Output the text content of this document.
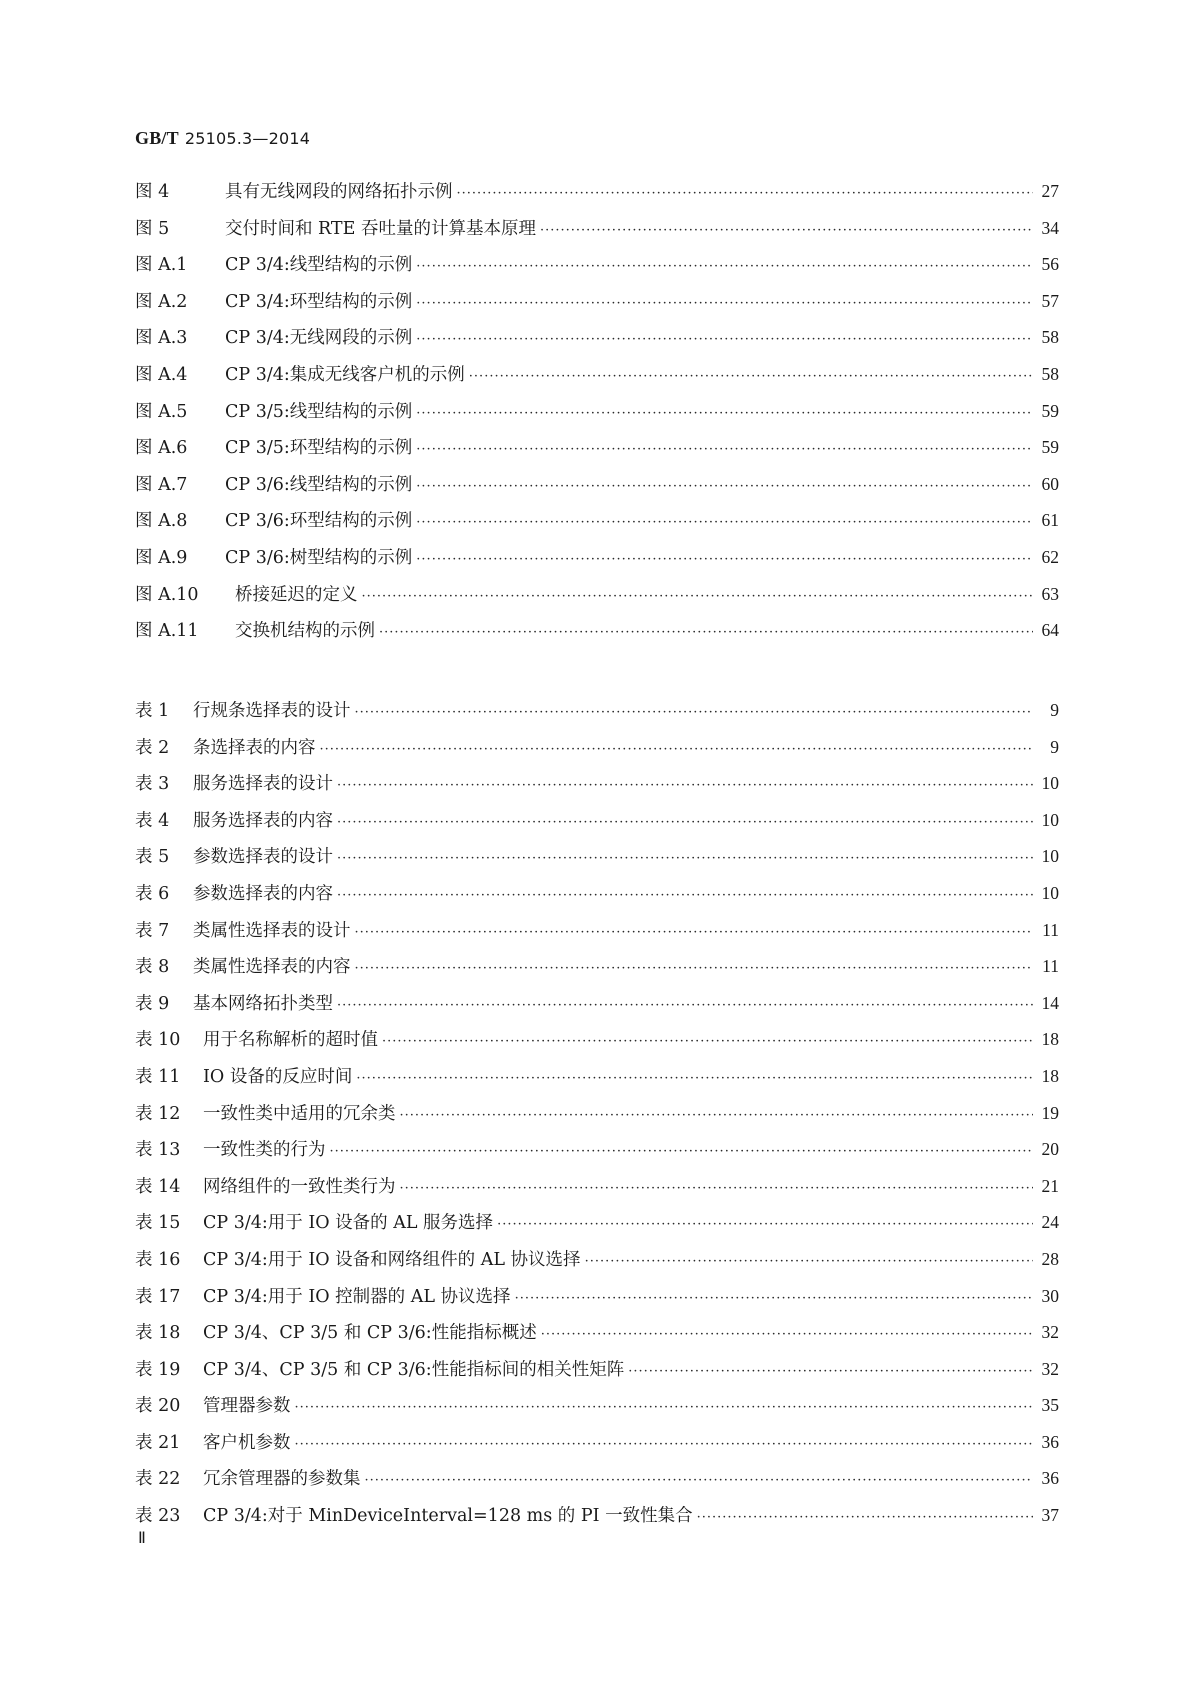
GB/T 25105.3—2014
图 4	具有无线网段的网络拓扑示例 ·····	27
图 5	交付时间和 RTE 吞吐量的计算基本原理 ·····	34
图 A.1	CP 3/4:线型结构的示例 ·····	56
图 A.2	CP 3/4:环型结构的示例 ·····	57
图 A.3	CP 3/4:无线网段的示例 ·····	58
图 A.4	CP 3/4:集成无线客户机的示例 ·····	58
图 A.5	CP 3/5:线型结构的示例 ·····	59
图 A.6	CP 3/5:环型结构的示例 ·····	59
图 A.7	CP 3/6:线型结构的示例 ·····	60
图 A.8	CP 3/6:环型结构的示例 ·····	61
图 A.9	CP 3/6:树型结构的示例 ·····	62
图 A.10	桥接延迟的定义 ·····	63
图 A.11	交换机结构的示例 ·····	64
表 1	行规条选择表的设计 ·····	9
表 2	条选择表的内容 ·····	9
表 3	服务选择表的设计 ·····	10
表 4	服务选择表的内容 ·····	10
表 5	参数选择表的设计 ·····	10
表 6	参数选择表的内容 ·····	10
表 7	类属性选择表的设计 ·····	11
表 8	类属性选择表的内容 ·····	11
表 9	基本网络拓扑类型 ·····	14
表 10	用于名称解析的超时值 ·····	18
表 11	IO 设备的反应时间 ·····	18
表 12	一致性类中适用的冗余类 ·····	19
表 13	一致性类的行为 ·····	20
表 14	网络组件的一致性类行为 ·····	21
表 15	CP 3/4:用于 IO 设备的 AL 服务选择 ·····	24
表 16	CP 3/4:用于 IO 设备和网络组件的 AL 协议选择 ·····	28
表 17	CP 3/4:用于 IO 控制器的 AL 协议选择 ·····	30
表 18	CP 3/4、CP 3/5 和 CP 3/6:性能指标概述 ·····	32
表 19	CP 3/4、CP 3/5 和 CP 3/6:性能指标间的相关性矩阵 ·····	32
表 20	管理器参数 ·····	35
表 21	客户机参数 ·····	36
表 22	冗余管理器的参数集 ·····	36
表 23	CP 3/4:对于 MinDeviceInterval=128 ms 的 PI 一致性集合 ·····	37
Ⅱ
